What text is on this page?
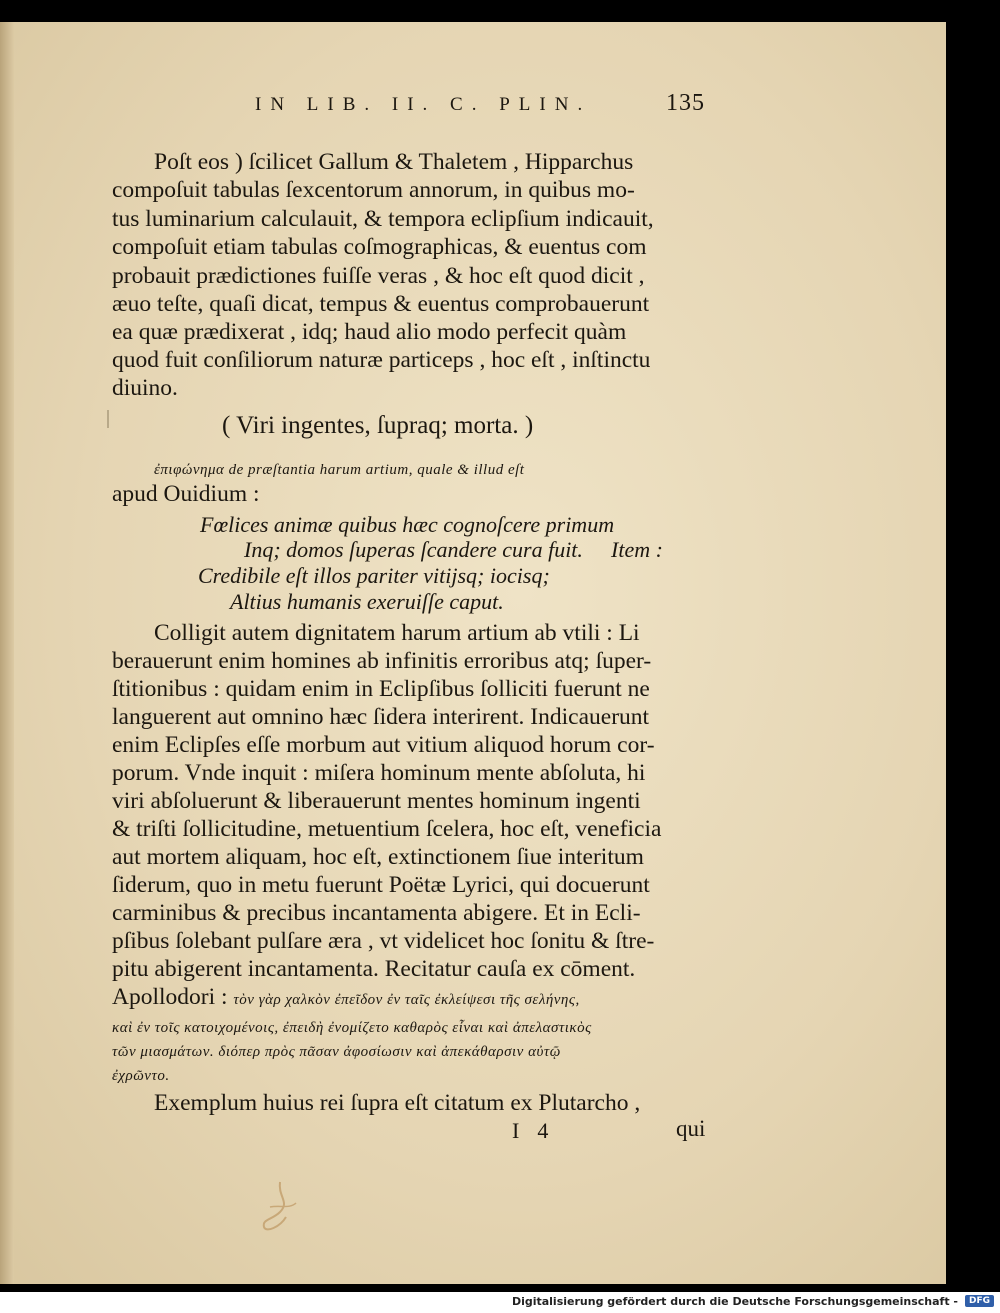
IN LIB. II. C. PLIN.	135
Poſt eos ) ſcilicet Gallum & Thaletem , Hipparchus
compoſuit tabulas ſexcentorum annorum, in quibus mo-
tus luminarium calculauit, & tempora eclipſium indicauit,
compoſuit etiam tabulas coſmographicas, & euentus com
probauit prædictiones fuiſſe veras , & hoc eſt quod dicit ,
æuo teſte, quaſi dicat, tempus & euentus comprobauerunt
ea quæ prædixerat , idq; haud alio modo perfecit quàm
quod fuit conſiliorum naturæ particeps , hoc eſt , inſtinctu
diuino.
( Viri ingentes, ſupraq; morta. )
ἐπιφώνημα de præſtantia harum artium, quale & illud eſt
apud Ouidium :
Fœlices animæ quibus hæc cognoſcere primum
Inq; domos ſuperas ſcandere cura fuit. Item :
Credibile eſt illos pariter vitijsq; iocisq;
Altius humanis exeruiſſe caput.
Colligit autem dignitatem harum artium ab vtili : Li
berauerunt enim homines ab infinitis erroribus atq; ſuper-
ſtitionibus : quidam enim in Eclipſibus ſolliciti fuerunt ne
languerent aut omnino hæc ſidera interirent. Indicauerunt
enim Eclipſes eſſe morbum aut vitium aliquod horum cor-
porum. Vnde inquit : miſera hominum mente abſoluta, hi
viri abſoluerunt & liberauerunt mentes hominum ingenti
& triſti ſollicitudine, metuentium ſcelera, hoc eſt, veneficia
aut mortem aliquam, hoc eſt, extinctionem ſiue interitum
ſiderum, quo in metu fuerunt Poëtæ Lyrici, qui docuerunt
carminibus & precibus incantamenta abigere. Et in Ecli-
pſibus ſolebant pulſare æra , vt videlicet hoc ſonitu & ſtre-
pitu abigerent incantamenta. Recitatur cauſa ex cōment.
Apollodori : τὸν γὰρ χαλκὸν ἐπεῖδον ἐν ταῖς ἐκλείψεσι τῆς σελήνης,
καὶ ἐν τοῖς κατοιχομένοις, ἐπειδὴ ἐνομίζετο καθαρὸς εἶναι καὶ ἀπελαστικὸς
τῶν μιασμάτων. διόπερ πρὸς πᾶσαν ἀφοσίωσιν καὶ ἀπεκάθαρσιν αὐτῷ
ἐχρῶντο.
Exemplum huius rei ſupra eſt citatum ex Plutarcho ,
I 4	qui
Digitalisierung gefördert durch die Deutsche Forschungsgemeinschaft -	DFG
